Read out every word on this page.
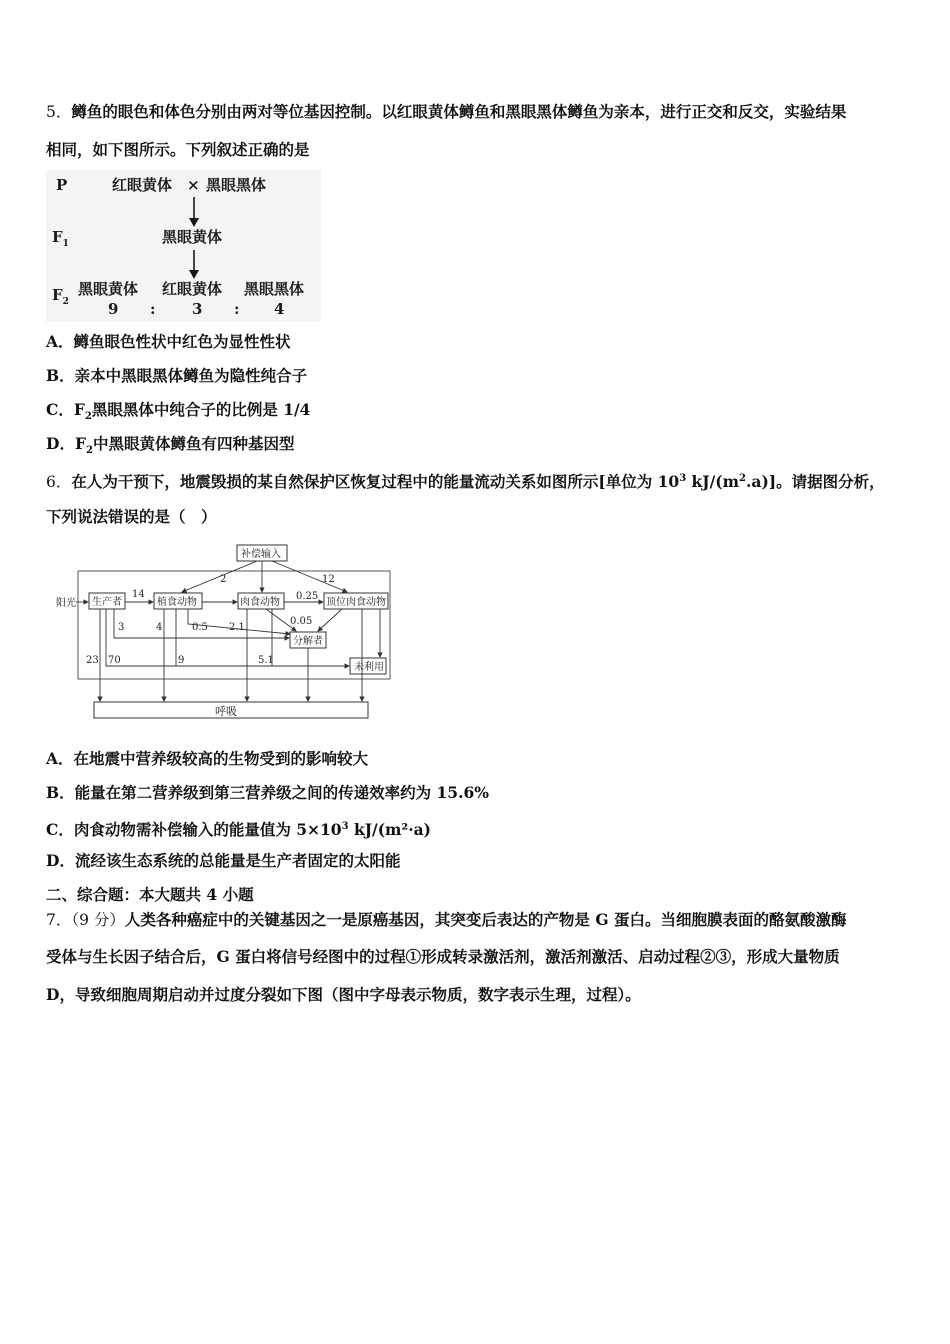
5．鳟鱼的眼色和体色分别由两对等位基因控制。以红眼黄体鳟鱼和黑眼黑体鳟鱼为亲本，进行正交和反交，实验结果
相同，如下图所示。下列叙述正确的是
P	红眼黄体 × 黑眼黑体
$F_1$	黑眼黄体
$F_2$
黑眼黄体 红眼黄体 黑眼黑体
9 : 3 : 4
A．鳟鱼眼色性状中红色为显性性状
B．亲本中黑眼黑体鳟鱼为隐性纯合子
C．$F_2$黑眼黑体中纯合子的比例是 1/4
D．$F_2$中黑眼黄体鳟鱼有四种基因型
6．在人为干预下，地震毁损的某自然保护区恢复过程中的能量流动关系如图所示[单位为 $10^3$ $kJ/(m^2.a)$]。请据图分析，
下列说法错误的是（　）
补偿输入
阳光 生产者	植食动物	肉食动物	顶位肉食动物
分解者
未利用
呼吸
14
2	12
0.25
0.05
3	4	0.5 2.1
23 70	9	5.1
A．在地震中营养级较高的生物受到的影响较大
B．能量在第二营养级到第三营养级之间的传递效率约为 15.6%
C．肉食动物需补偿输入的能量值为 $5\times 10^3$ kJ/(m²·a)
D．流经该生态系统的总能量是生产者固定的太阳能
二、综合题：本大题共 4 小题
7．（9 分）人类各种癌症中的关键基因之一是原癌基因，其突变后表达的产物是 G 蛋白。当细胞膜表面的酪氨酸激酶
受体与生长因子结合后，G 蛋白将信号经图中的过程①形成转录激活剂，激活剂激活、启动过程②③，形成大量物质
D，导致细胞周期启动并过度分裂如下图（图中字母表示物质，数字表示生理，过程）。
